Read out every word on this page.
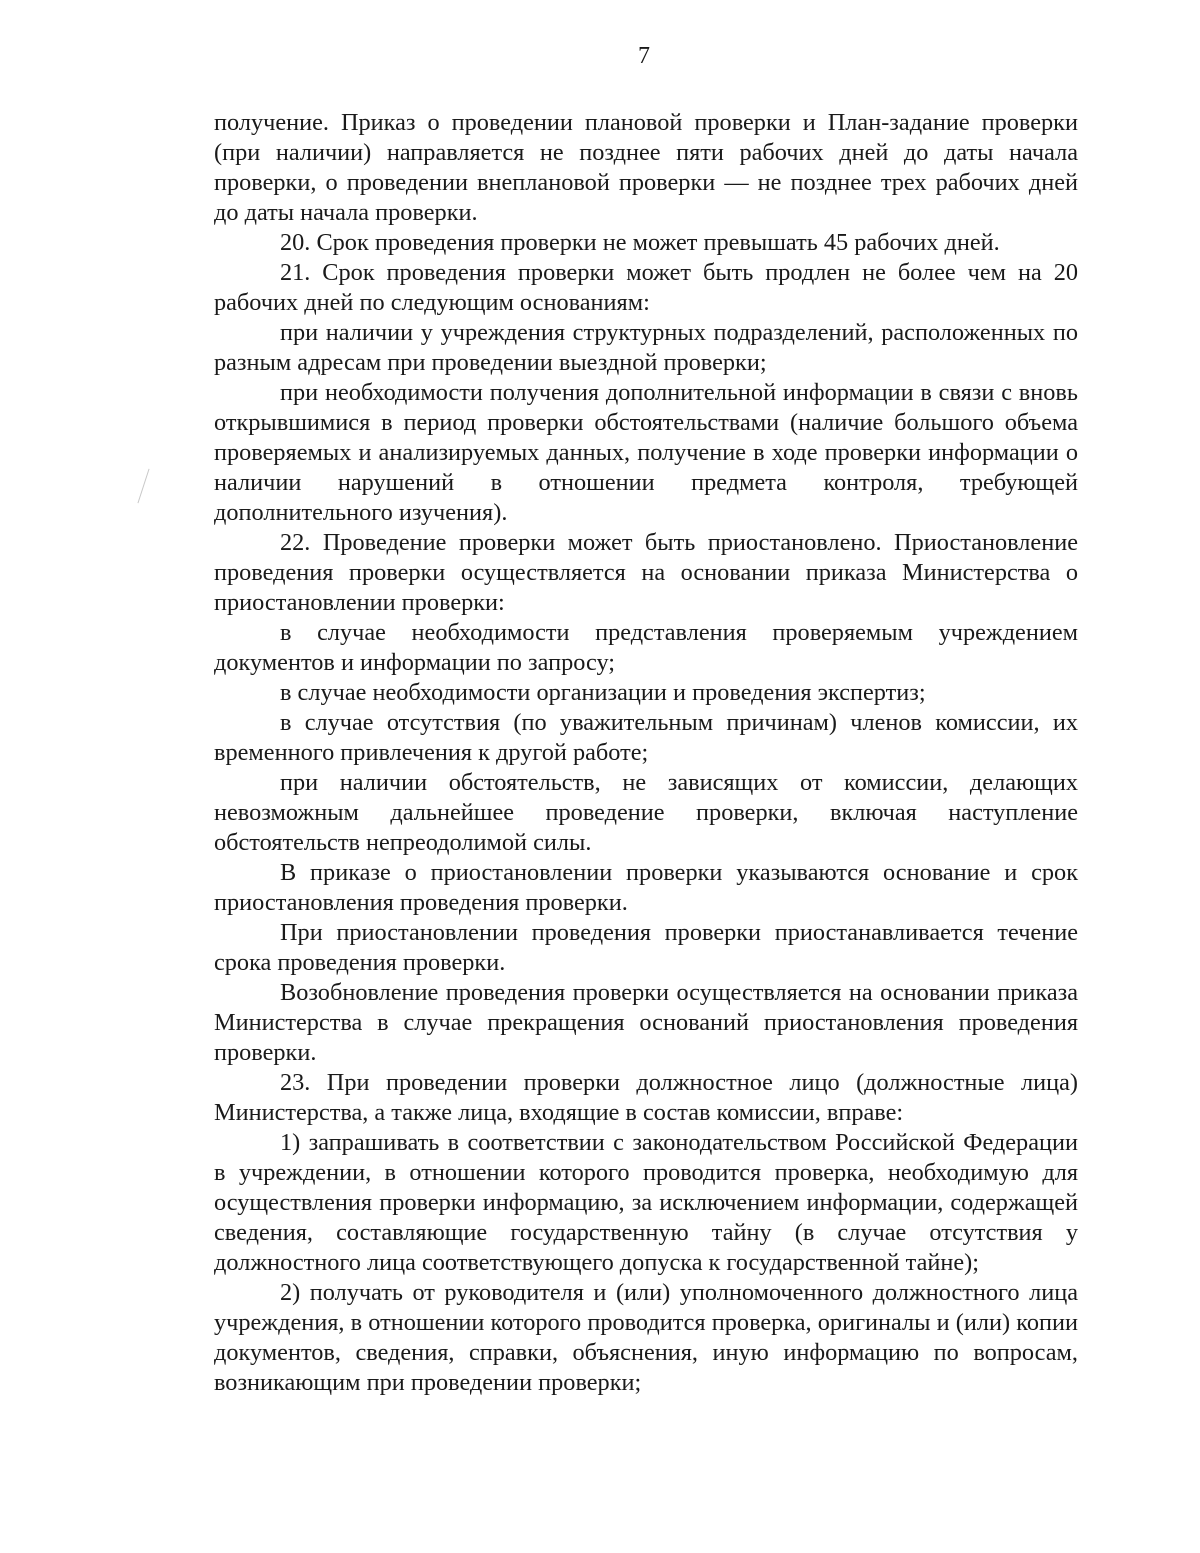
7

получение. Приказ о проведении плановой проверки и План-задание проверки (при наличии) направляется не позднее пяти рабочих дней до даты начала проверки, о проведении внеплановой проверки — не позднее трех рабочих дней до даты начала проверки.

20. Срок проведения проверки не может превышать 45 рабочих дней.

21. Срок проведения проверки может быть продлен не более чем на 20 рабочих дней по следующим основаниям:

при наличии у учреждения структурных подразделений, расположенных по разным адресам при проведении выездной проверки;

при необходимости получения дополнительной информации в связи с вновь открывшимися в период проверки обстоятельствами (наличие большого объема проверяемых и анализируемых данных, получение в ходе проверки информации о наличии нарушений в отношении предмета контроля, требующей дополнительного изучения).

22. Проведение проверки может быть приостановлено. Приостановление проведения проверки осуществляется на основании приказа Министерства о приостановлении проверки:

в случае необходимости представления проверяемым учреждением документов и информации по запросу;

в случае необходимости организации и проведения экспертиз;

в случае отсутствия (по уважительным причинам) членов комиссии, их временного привлечения к другой работе;

при наличии обстоятельств, не зависящих от комиссии, делающих невозможным дальнейшее проведение проверки, включая наступление обстоятельств непреодолимой силы.

В приказе о приостановлении проверки указываются основание и срок приостановления проведения проверки.

При приостановлении проведения проверки приостанавливается течение срока проведения проверки.

Возобновление проведения проверки осуществляется на основании приказа Министерства в случае прекращения оснований приостановления проведения проверки.

23. При проведении проверки должностное лицо (должностные лица) Министерства, а также лица, входящие в состав комиссии, вправе:

1) запрашивать в соответствии с законодательством Российской Федерации в учреждении, в отношении которого проводится проверка, необходимую для осуществления проверки информацию, за исключением информации, содержащей сведения, составляющие государственную тайну (в случае отсутствия у должностного лица соответствующего допуска к государственной тайне);

2) получать от руководителя и (или) уполномоченного должностного лица учреждения, в отношении которого проводится проверка, оригиналы и (или) копии документов, сведения, справки, объяснения, иную информацию по вопросам, возникающим при проведении проверки;
